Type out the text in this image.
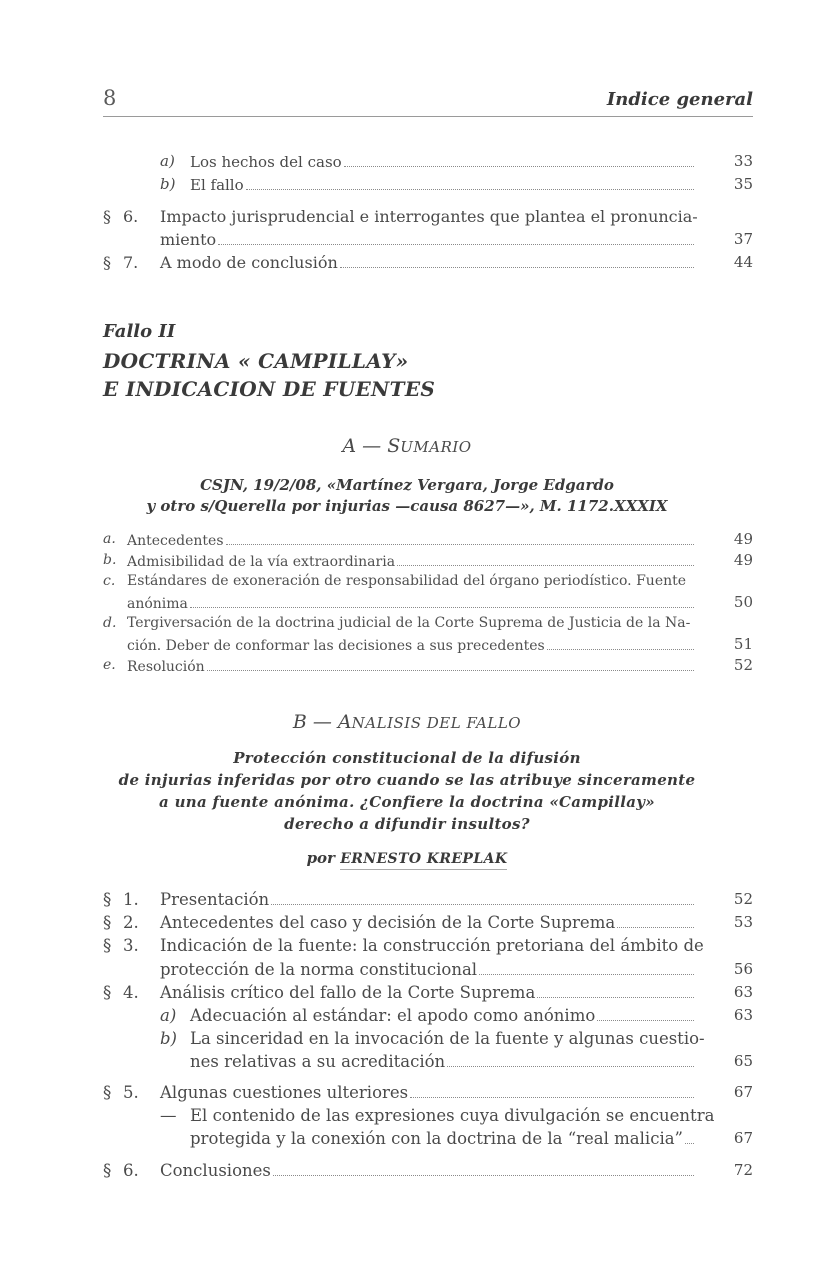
8	Indice general
a) Los hechos del caso	33
b) El fallo	35
§ 6. Impacto jurisprudencial e interrogantes que plantea el pronuncia-
miento	37
§ 7. A modo de conclusión	44
Fallo II
DOCTRINA « CAMPILLAY»
E INDICACION DE FUENTES
A — SUMARIO
CSJN, 19/2/08, «Martínez Vergara, Jorge Edgardo
y otro s/Querella por injurias —causa 8627—», M. 1172.XXXIX
a. Antecedentes	49
b. Admisibilidad de la vía extraordinaria	49
c. Estándares de exoneración de responsabilidad del órgano periodístico. Fuente
anónima	50
d. Tergiversación de la doctrina judicial de la Corte Suprema de Justicia de la Na-
ción. Deber de conformar las decisiones a sus precedentes	51
e. Resolución	52
B — ANALISIS DEL FALLO
Protección constitucional de la difusión
de injurias inferidas por otro cuando se las atribuye sinceramente
a una fuente anónima. ¿Confiere la doctrina «Campillay»
derecho a difundir insultos?
por ERNESTO KREPLAK
§ 1. Presentación	52
§ 2. Antecedentes del caso y decisión de la Corte Suprema	53
§ 3. Indicación de la fuente: la construcción pretoriana del ámbito de
protección de la norma constitucional	56
§ 4. Análisis crítico del fallo de la Corte Suprema	63
a) Adecuación al estándar: el apodo como anónimo	63
b) La sinceridad en la invocación de la fuente y algunas cuestio-
nes relativas a su acreditación	65
§ 5. Algunas cuestiones ulteriores	67
— El contenido de las expresiones cuya divulgación se encuentra
protegida y la conexión con la doctrina de la “real malicia”	67
§ 6. Conclusiones	72
